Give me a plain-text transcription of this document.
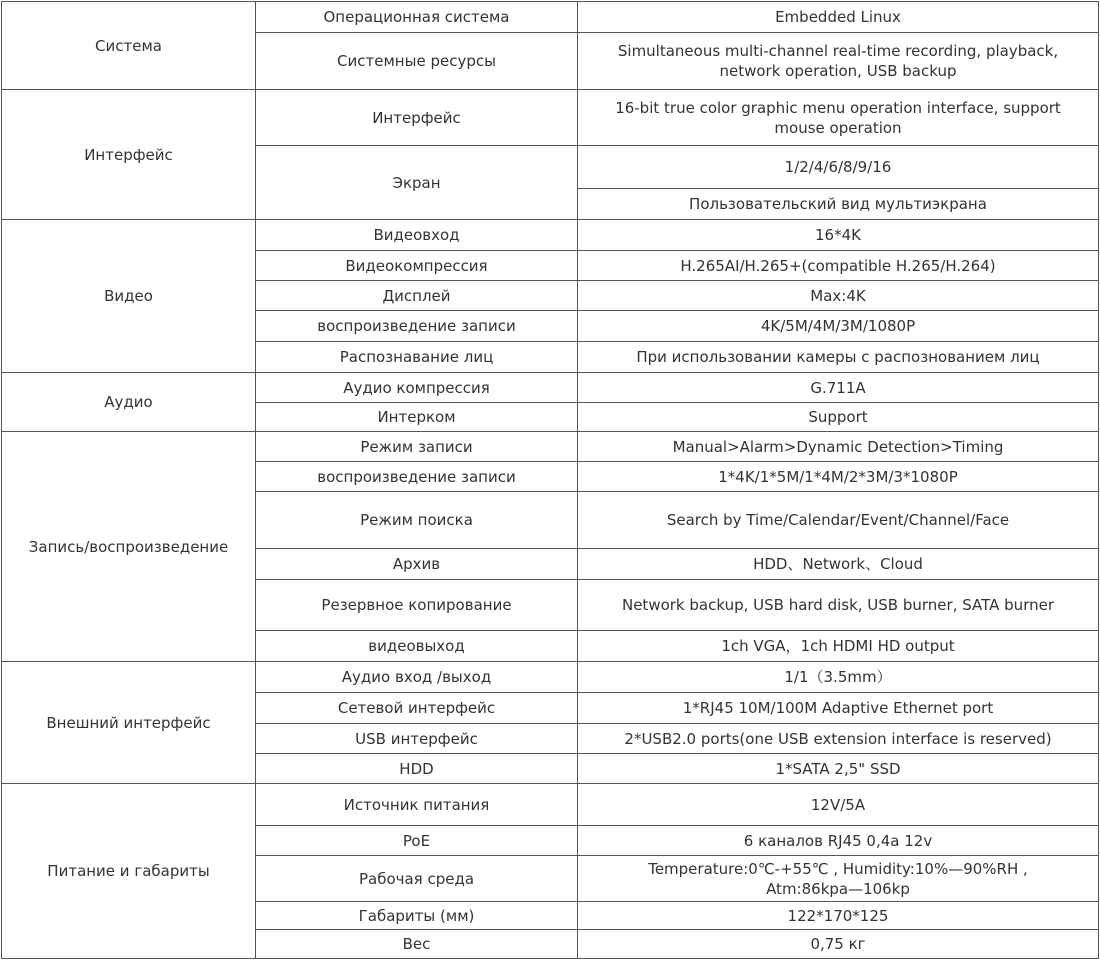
Система	Операционная система	Embedded Linux

	Системные ресурсы	Simultaneous multi-channel real-time recording, playback,
network operation, USB backup

Интерфейс	Интерфейс	16-bit true color graphic menu operation interface, support
mouse operation

	Экран	1/2/4/6/8/9/16

		Пользовательский вид мультиэкрана

Видео	Видеовход	16*4K

	Видеокомпрессия	H.265AI/H.265+(compatible H.265/H.264)

	Дисплей	Max:4K

	воспроизведение записи	4K/5M/4M/3M/1080P

	Распознавание лиц	При использовании камеры с распознованием лиц

Аудио	Аудио компрессия	G.711A

	Интерком	Support

Запись/воспроизведение	Режим записи	Manual>Alarm>Dynamic Detection>Timing

	воспроизведение записи	1*4K/1*5M/1*4M/2*3M/3*1080P

	Режим поиска	Search by Time/Calendar/Event/Channel/Face

	Архив	HDD、Network、Cloud

	Резервное копирование	Network backup, USB hard disk, USB burner, SATA burner

	видеовыход	1ch VGA，1ch HDMI HD output

Внешний интерфейс	Аудио вход /выход	1/1（3.5mm）

	Сетевой интерфейс	1*RJ45 10M/100M Adaptive Ethernet port

	USB интерфейс	2*USB2.0 ports(one USB extension interface is reserved)

	HDD	1*SATA 2,5" SSD

Питание и габариты	Источник питания	12V/5A

	PoE	6 каналов RJ45 0,4а 12v

	Рабочая среда	Temperature:0℃-+55℃ , Humidity:10%—90%RH ,
Atm:86kpa—106kp

	Габариты (мм)	122*170*125

	Вес	0,75 кг
